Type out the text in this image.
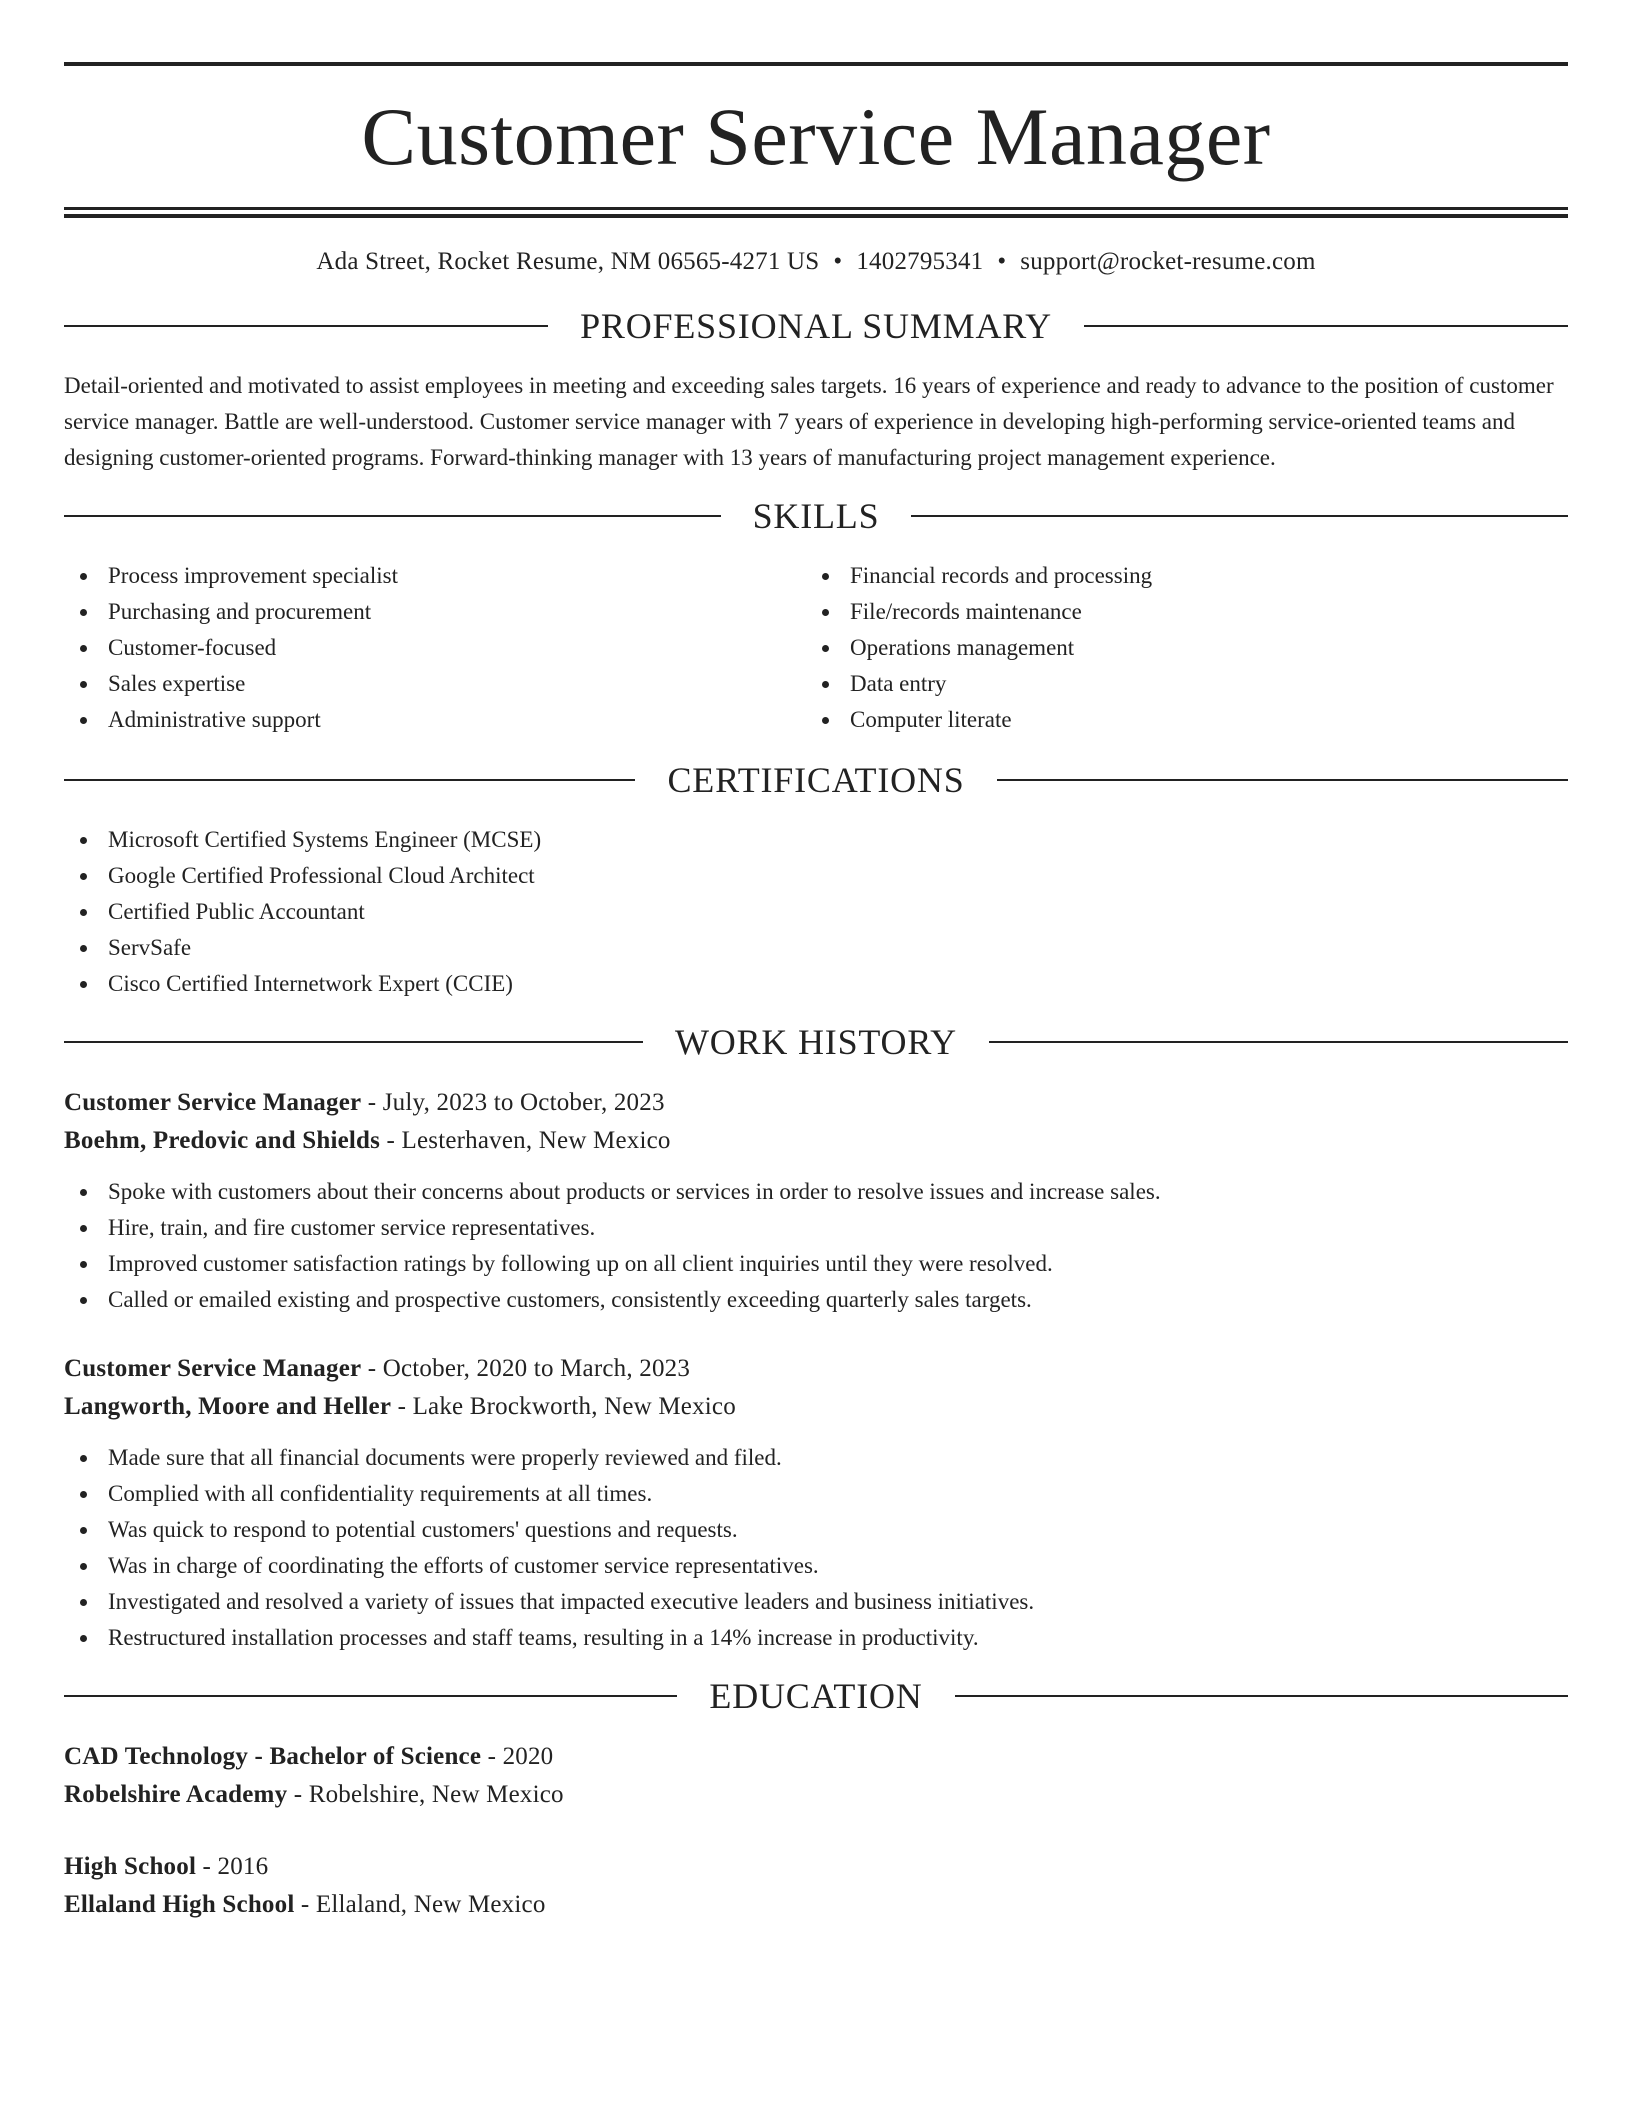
Customer Service Manager
Ada Street, Rocket Resume, NM 06565-4271 US • 1402795341 • support@rocket-resume.com
PROFESSIONAL SUMMARY

Detail-oriented and motivated to assist employees in meeting and exceeding sales targets. 16 years of experience and ready to advance to the position of customer service manager. Battle are well-understood. Customer service manager with 7 years of experience in developing high-performing service-oriented teams and designing customer-oriented programs. Forward-thinking manager with 13 years of manufacturing project management experience.

SKILLS
Process improvement specialist
Purchasing and procurement
Customer-focused
Sales expertise
Administrative support
Financial records and processing
File/records maintenance
Operations management
Data entry
Computer literate
CERTIFICATIONS
Microsoft Certified Systems Engineer (MCSE)
Google Certified Professional Cloud Architect
Certified Public Accountant
ServSafe
Cisco Certified Internetwork Expert (CCIE)
WORK HISTORY
Customer Service Manager - July, 2023 to October, 2023
Boehm, Predovic and Shields - Lesterhaven, New Mexico
Spoke with customers about their concerns about products or services in order to resolve issues and increase sales.
Hire, train, and fire customer service representatives.
Improved customer satisfaction ratings by following up on all client inquiries until they were resolved.
Called or emailed existing and prospective customers, consistently exceeding quarterly sales targets.
Customer Service Manager - October, 2020 to March, 2023
Langworth, Moore and Heller - Lake Brockworth, New Mexico
Made sure that all financial documents were properly reviewed and filed.
Complied with all confidentiality requirements at all times.
Was quick to respond to potential customers' questions and requests.
Was in charge of coordinating the efforts of customer service representatives.
Investigated and resolved a variety of issues that impacted executive leaders and business initiatives.
Restructured installation processes and staff teams, resulting in a 14% increase in productivity.
EDUCATION
CAD Technology - Bachelor of Science - 2020
Robelshire Academy - Robelshire, New Mexico
High School - 2016
Ellaland High School - Ellaland, New Mexico
